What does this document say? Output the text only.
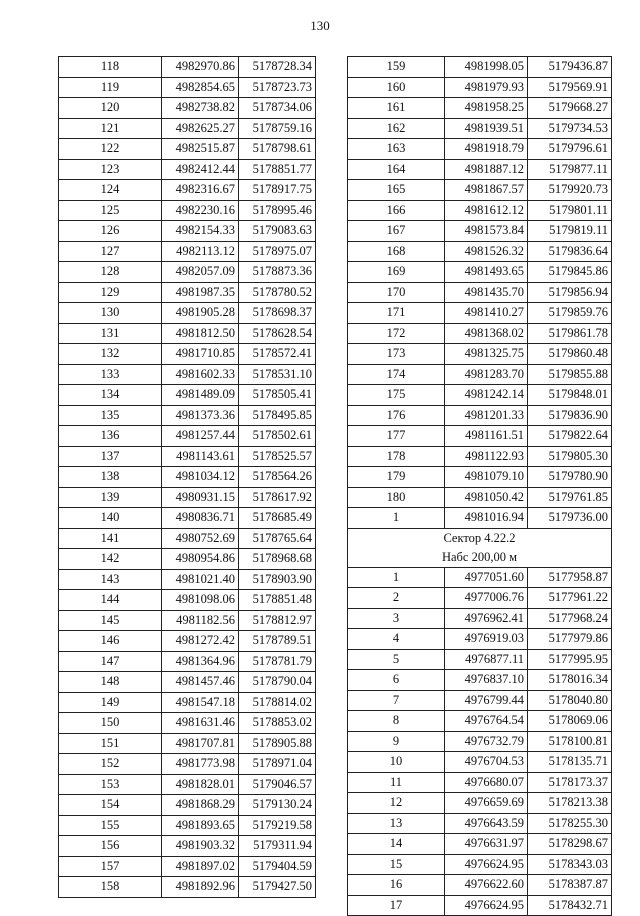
130
118	4982970.86	5178728.34
119	4982854.65	5178723.73
120	4982738.82	5178734.06
121	4982625.27	5178759.16
122	4982515.87	5178798.61
123	4982412.44	5178851.77
124	4982316.67	5178917.75
125	4982230.16	5178995.46
126	4982154.33	5179083.63
127	4982113.12	5178975.07
128	4982057.09	5178873.36
129	4981987.35	5178780.52
130	4981905.28	5178698.37
131	4981812.50	5178628.54
132	4981710.85	5178572.41
133	4981602.33	5178531.10
134	4981489.09	5178505.41
135	4981373.36	5178495.85
136	4981257.44	5178502.61
137	4981143.61	5178525.57
138	4981034.12	5178564.26
139	4980931.15	5178617.92
140	4980836.71	5178685.49
141	4980752.69	5178765.64
142	4980954.86	5178968.68
143	4981021.40	5178903.90
144	4981098.06	5178851.48
145	4981182.56	5178812.97
146	4981272.42	5178789.51
147	4981364.96	5178781.79
148	4981457.46	5178790.04
149	4981547.18	5178814.02
150	4981631.46	5178853.02
151	4981707.81	5178905.88
152	4981773.98	5178971.04
153	4981828.01	5179046.57
154	4981868.29	5179130.24
155	4981893.65	5179219.58
156	4981903.32	5179311.94
157	4981897.02	5179404.59
158	4981892.96	5179427.50
159	4981998.05	5179436.87
160	4981979.93	5179569.91
161	4981958.25	5179668.27
162	4981939.51	5179734.53
163	4981918.79	5179796.61
164	4981887.12	5179877.11
165	4981867.57	5179920.73
166	4981612.12	5179801.11
167	4981573.84	5179819.11
168	4981526.32	5179836.64
169	4981493.65	5179845.86
170	4981435.70	5179856.94
171	4981410.27	5179859.76
172	4981368.02	5179861.78
173	4981325.75	5179860.48
174	4981283.70	5179855.88
175	4981242.14	5179848.01
176	4981201.33	5179836.90
177	4981161.51	5179822.64
178	4981122.93	5179805.30
179	4981079.10	5179780.90
180	4981050.42	5179761.85
1	4981016.94	5179736.00

Сектор 4.22.2
Набс 200,00 м		

1	4977051.60	5177958.87
2	4977006.76	5177961.22
3	4976962.41	5177968.24
4	4976919.03	5177979.86
5	4976877.11	5177995.95
6	4976837.10	5178016.34
7	4976799.44	5178040.80
8	4976764.54	5178069.06
9	4976732.79	5178100.81
10	4976704.53	5178135.71
11	4976680.07	5178173.37
12	4976659.69	5178213.38
13	4976643.59	5178255.30
14	4976631.97	5178298.67
15	4976624.95	5178343.03
16	4976622.60	5178387.87
17	4976624.95	5178432.71
